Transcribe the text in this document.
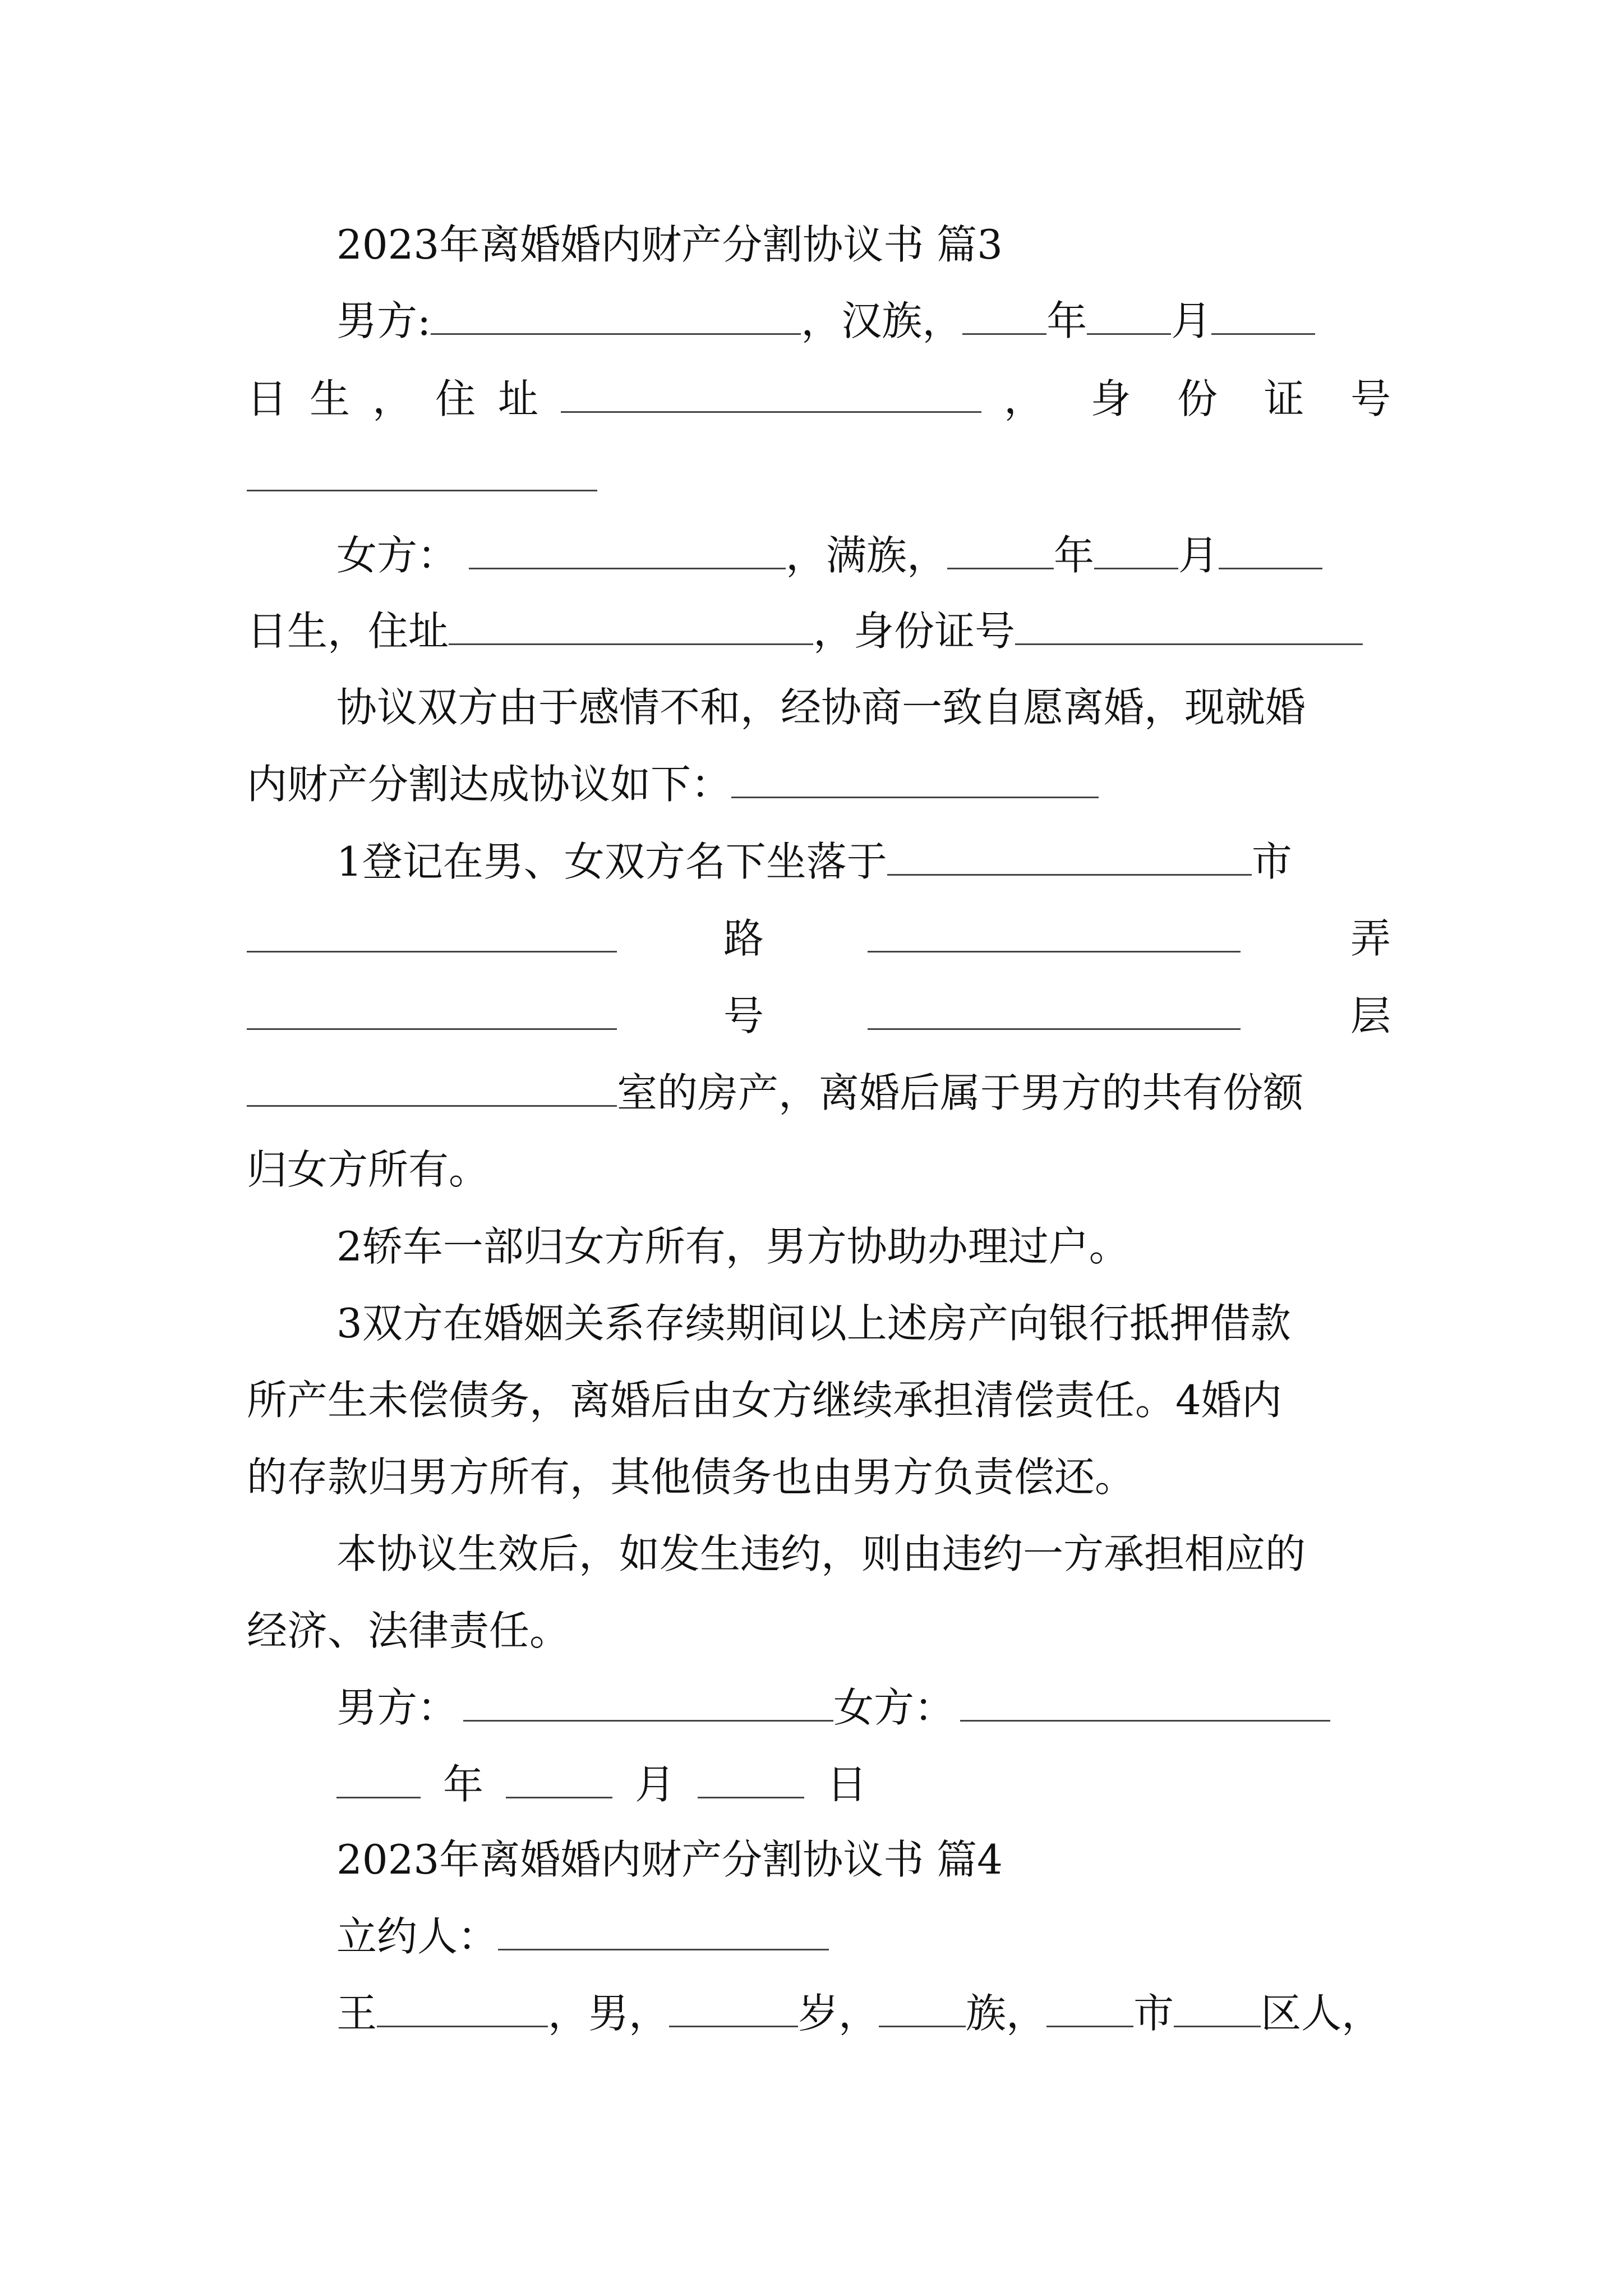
2023年离婚婚内财产分割协议书 篇3
男方:	，汉族， 年 月
日 生 ， 住 址	， 身 份 证 号
女方：	，满族，	年 月
日生，住址	，身份证号
协议双方由于感情不和，经协商一致自愿离婚，现就婚
内财产分割达成协议如下：
1登记在男、女双方名下坐落于	市
路	弄
号	层
室的房产，离婚后属于男方的共有份额
归女方所有。
2轿车一部归女方所有，男方协助办理过户。
3双方在婚姻关系存续期间以上述房产向银行抵押借款
所产生未偿债务，离婚后由女方继续承担清偿责任。4婚内
的存款归男方所有，其他债务也由男方负责偿还。
本协议生效后，如发生违约，则由违约一方承担相应的
经济、法律责任。
男方：	女方：
年	月	日
2023年离婚婚内财产分割协议书 篇4
立约人：
王	，男，	岁， 族， 市 区人，
